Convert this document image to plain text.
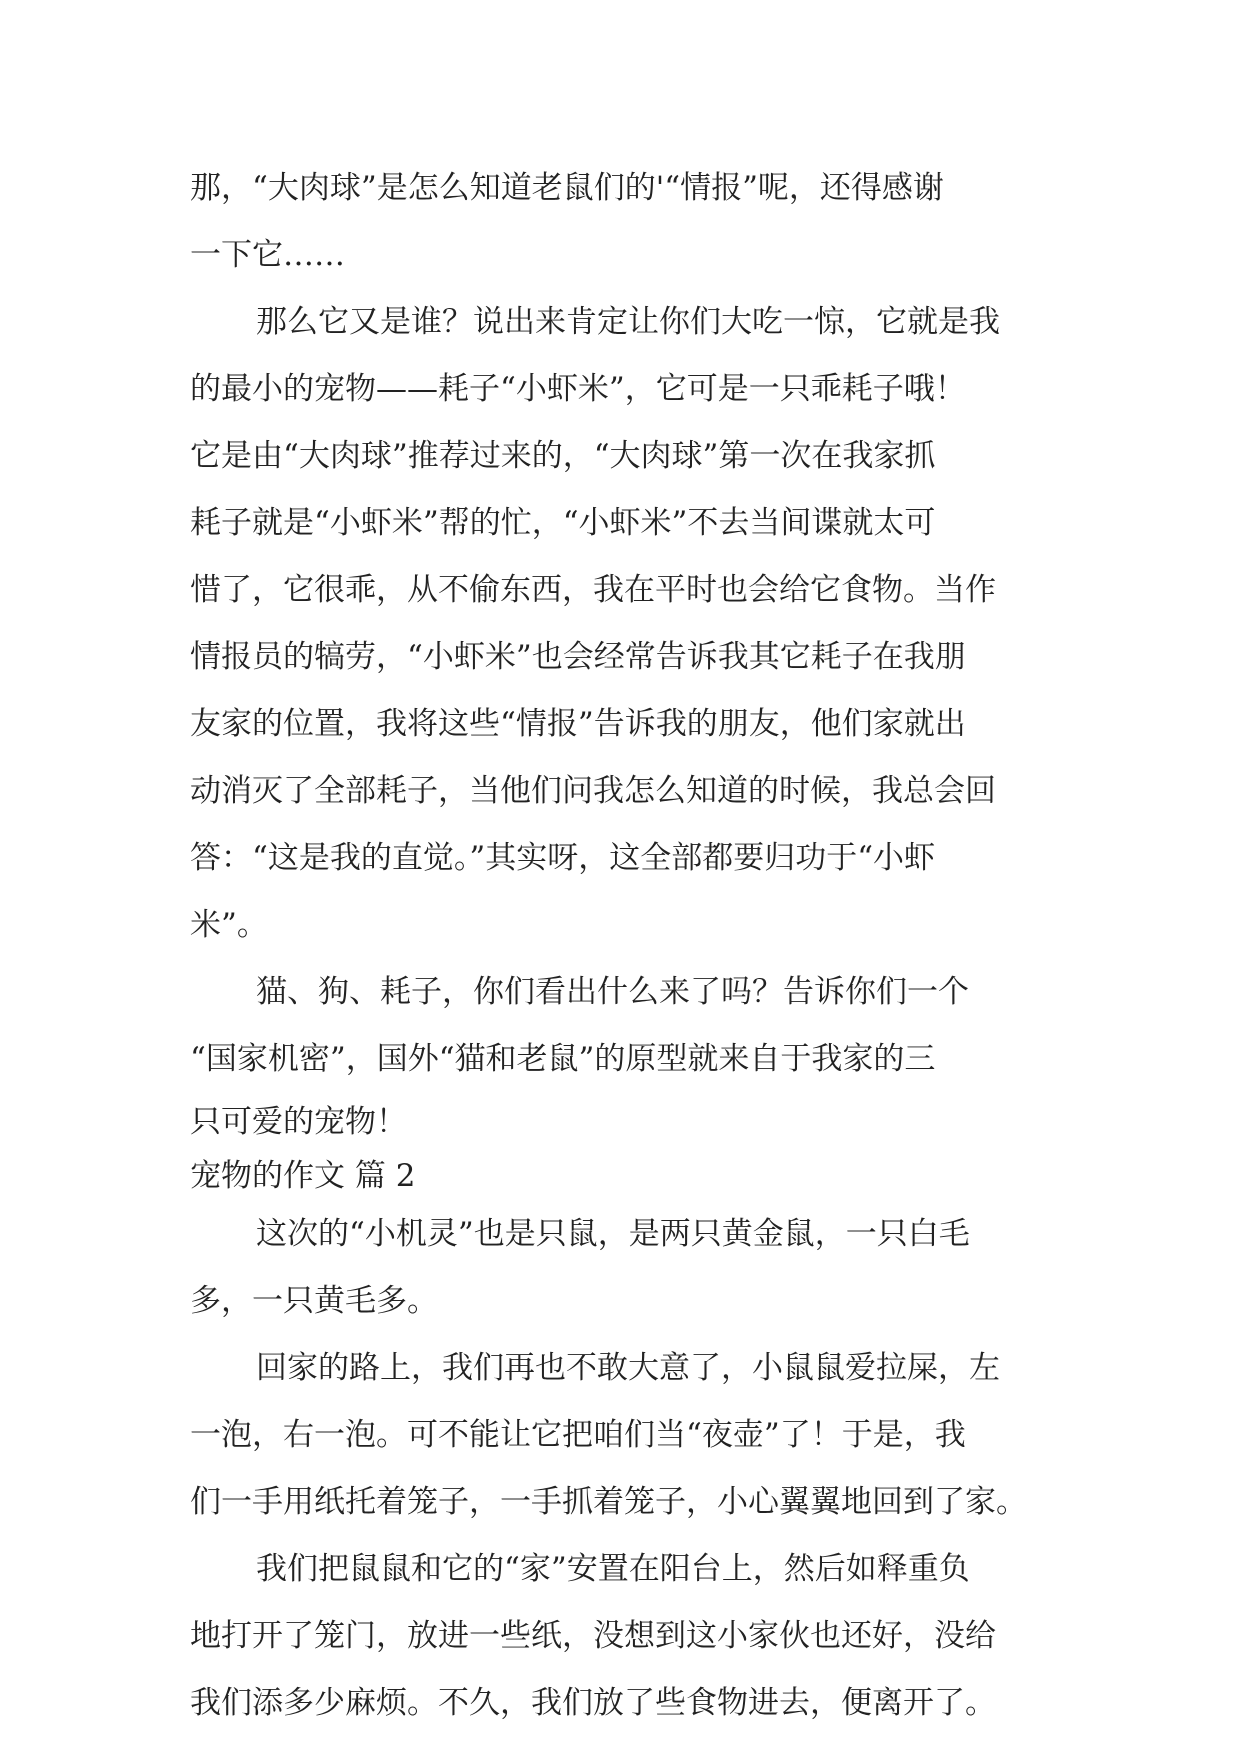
那，“大肉球”是怎么知道老鼠们的'“情报”呢，还得感谢
一下它……
那么它又是谁？说出来肯定让你们大吃一惊，它就是我
的最小的宠物——耗子“小虾米”，它可是一只乖耗子哦！
它是由“大肉球”推荐过来的，“大肉球”第一次在我家抓
耗子就是“小虾米”帮的忙，“小虾米”不去当间谍就太可
惜了，它很乖，从不偷东西，我在平时也会给它食物。当作
情报员的犒劳，“小虾米”也会经常告诉我其它耗子在我朋
友家的位置，我将这些“情报”告诉我的朋友，他们家就出
动消灭了全部耗子，当他们问我怎么知道的时候，我总会回
答：“这是我的直觉。”其实呀，这全部都要归功于“小虾
米”。
猫、狗、耗子，你们看出什么来了吗？告诉你们一个
“国家机密”，国外“猫和老鼠”的原型就来自于我家的三
只可爱的宠物！
宠物的作文 篇 2
这次的“小机灵”也是只鼠，是两只黄金鼠，一只白毛
多，一只黄毛多。
回家的路上，我们再也不敢大意了，小鼠鼠爱拉屎，左
一泡，右一泡。可不能让它把咱们当“夜壶”了！于是，我
们一手用纸托着笼子，一手抓着笼子，小心翼翼地回到了家。
我们把鼠鼠和它的“家”安置在阳台上，然后如释重负
地打开了笼门，放进一些纸，没想到这小家伙也还好，没给
我们添多少麻烦。不久，我们放了些食物进去，便离开了。
